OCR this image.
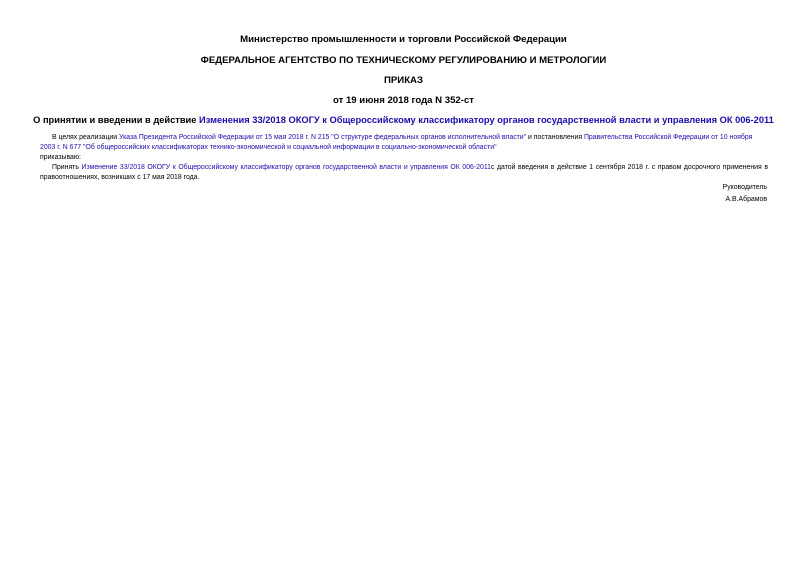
Министерство промышленности и торговли Российской Федерации
ФЕДЕРАЛЬНОЕ АГЕНТСТВО ПО ТЕХНИЧЕСКОМУ РЕГУЛИРОВАНИЮ И МЕТРОЛОГИИ
ПРИКАЗ
от 19 июня 2018 года N 352-ст
О принятии и введении в действие Изменения 33/2018 ОКОГУ к Общероссийскому классификатору органов государственной власти и управления ОК 006-2011
В целях реализации Указа Президента Российской Федерации от 15 мая 2018 г. N 215 "О структуре федеральных органов исполнительной власти" и постановления Правительства Российской Федерации от 10 ноября 2003 г. N 677 "Об общероссийских классификаторах технико-экономической и социальной информации в социально-экономической области"
приказываю:
Принять Изменение 33/2018 ОКОГУ к Общероссийскому классификатору органов государственной власти и управления ОК 006-2011с датой введения в действие 1 сентября 2018 г. с правом досрочного применения в правоотношениях, возникших с 17 мая 2018 года.
Руководитель
А.В.Абрамов
